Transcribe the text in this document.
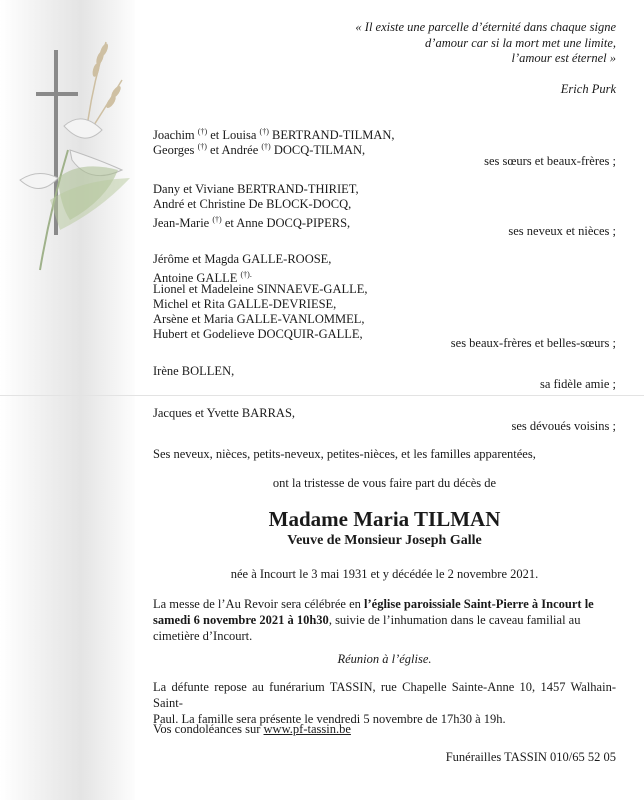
« Il existe une parcelle d’éternité dans chaque signe
d’amour car si la mort met une limite,
l’amour est éternel »
Erich Purk
Joachim (†) et Louisa (†) BERTRAND-TILMAN,
Georges (†) et Andrée (†) DOCQ-TILMAN,
ses sœurs et beaux-frères ;
Dany et Viviane BERTRAND-THIRIET,
André et Christine De BLOCK-DOCQ,
Jean-Marie (†) et Anne DOCQ-PIPERS,
ses neveux et nièces ;
Jérôme et Magda GALLE-ROOSE,
Antoine GALLE (†).
Lionel et Madeleine SINNAEVE-GALLE,
Michel et Rita GALLE-DEVRIESE,
Arsène et Maria GALLE-VANLOMMEL,
Hubert et Godelieve DOCQUIR-GALLE,
ses beaux-frères et belles-sœurs ;
Irène BOLLEN,
sa fidèle amie ;
Jacques et Yvette BARRAS,
ses dévoués voisins ;
Ses neveux, nièces, petits-neveux, petites-nièces, et les familles apparentées,
ont la tristesse de vous faire part du décès de
Madame Maria TILMAN
Veuve de Monsieur Joseph Galle
née à Incourt le 3 mai 1931 et y décédée le 2 novembre 2021.
La messe de l’Au Revoir sera célébrée en l’église paroissiale Saint-Pierre à Incourt le
samedi 6 novembre 2021 à 10h30, suivie de l’inhumation dans le caveau familial au
cimetière d’Incourt.
Réunion à l’église.
La défunte repose au funérarium TASSIN, rue Chapelle Sainte-Anne 10, 1457 Walhain-Saint-
Paul. La famille sera présente le vendredi 5 novembre de 17h30 à 19h.
Vos condoléances sur www.pf-tassin.be
Funérailles TASSIN 010/65 52 05
